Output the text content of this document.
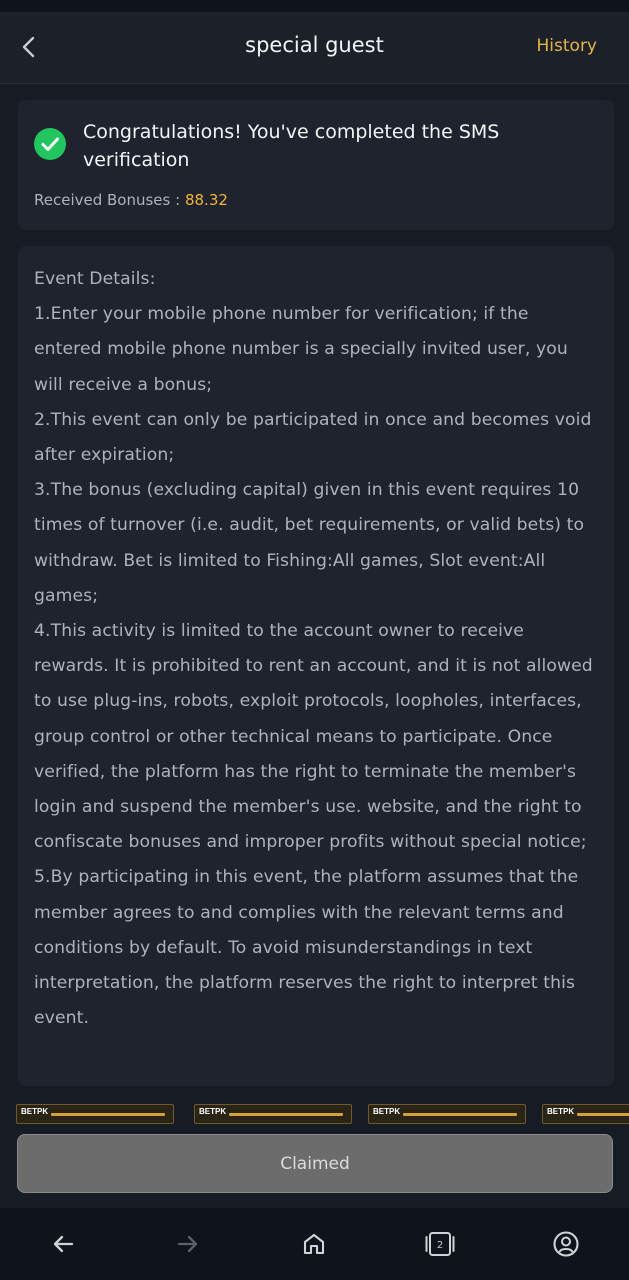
special guest	History
Congratulations! You've completed the SMS verification
Received Bonuses : 88.32
Event Details:
1.Enter your mobile phone number for verification; if the entered mobile phone number is a specially invited user, you will receive a bonus;
2.This event can only be participated in once and becomes void after expiration;
3.The bonus (excluding capital) given in this event requires 10 times of turnover (i.e. audit, bet requirements, or valid bets) to withdraw. Bet is limited to Fishing:All games, Slot event:All games;
4.This activity is limited to the account owner to receive rewards. It is prohibited to rent an account, and it is not allowed to use plug-ins, robots, exploit protocols, loopholes, interfaces, group control or other technical means to participate. Once verified, the platform has the right to terminate the member's login and suspend the member's use. website, and the right to confiscate bonuses and improper profits without special notice;
5.By participating in this event, the platform assumes that the member agrees to and complies with the relevant terms and conditions by default. To avoid misunderstandings in text interpretation, the platform reserves the right to interpret this event.
BETPK	BETPK	BETPK	BETPK
Claimed
2
